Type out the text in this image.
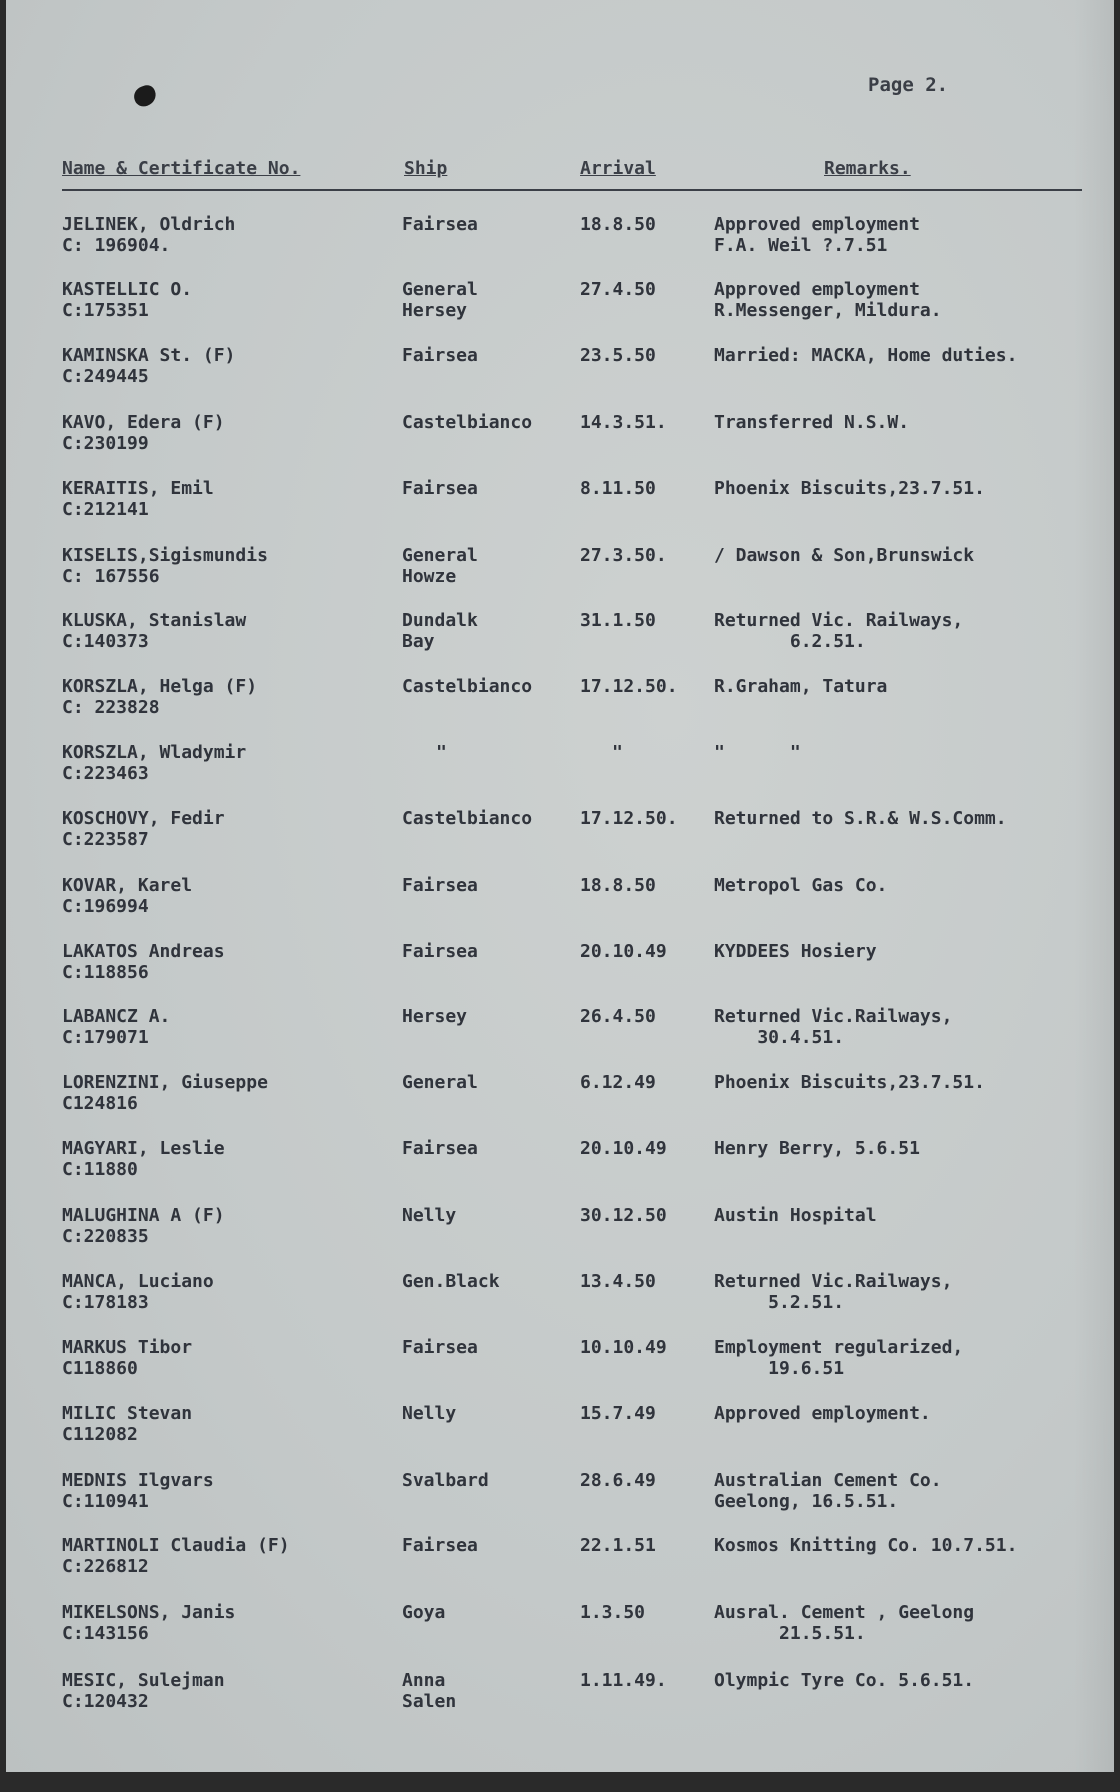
Page 2.
Name & Certificate No.	Ship	Arrival	Remarks.
JELINEK, Oldrich
C: 196904.
Fairsea	18.8.50	Approved employment
F.A. Weil ?.7.51
KASTELLIC O.
C:175351
General
Hersey
27.4.50	Approved employment
R.Messenger, Mildura.
KAMINSKA St. (F)
C:249445
Fairsea	23.5.50	Married: MACKA, Home duties.
KAVO, Edera (F)
C:230199
Castelbianco	14.3.51.	Transferred N.S.W.
KERAITIS, Emil
C:212141
Fairsea	8.11.50	Phoenix Biscuits,23.7.51.
KISELIS,Sigismundis
C: 167556
General
Howze
27.3.50.	/ Dawson & Son,Brunswick
KLUSKA, Stanislaw
C:140373
Dundalk
Bay
31.1.50	Returned Vic. Railways,
6.2.51.
KORSZLA, Helga (F)
C: 223828
Castelbianco	17.12.50. R.Graham, Tatura
KORSZLA, Wladymir
C:223463
"	"	"      "
KOSCHOVY, Fedir
C:223587
Castelbianco	17.12.50. Returned to S.R.& W.S.Comm.
KOVAR, Karel
C:196994
Fairsea	18.8.50	Metropol Gas Co.
LAKATOS Andreas
C:118856
Fairsea	20.10.49	KYDDEES Hosiery
LABANCZ A.
C:179071
Hersey	26.4.50	Returned Vic.Railways,
30.4.51.
LORENZINI, Giuseppe
C124816
General	6.12.49	Phoenix Biscuits,23.7.51.
MAGYARI, Leslie
C:11880
Fairsea	20.10.49	Henry Berry, 5.6.51
MALUGHINA A (F)
C:220835
Nelly	30.12.50	Austin Hospital
MANCA, Luciano
C:178183
Gen.Black	13.4.50	Returned Vic.Railways,
5.2.51.
MARKUS Tibor
C118860
Fairsea	10.10.49	Employment regularized,
19.6.51
MILIC Stevan
C112082
Nelly	15.7.49	Approved employment.
MEDNIS Ilgvars
C:110941
Svalbard	28.6.49	Australian Cement Co.
Geelong, 16.5.51.
MARTINOLI Claudia (F)
C:226812
Fairsea	22.1.51	Kosmos Knitting Co. 10.7.51.
MIKELSONS, Janis
C:143156
Goya	1.3.50	Ausral. Cement , Geelong
21.5.51.
MESIC, Sulejman
C:120432
Anna
Salen
1.11.49.	Olympic Tyre Co. 5.6.51.
